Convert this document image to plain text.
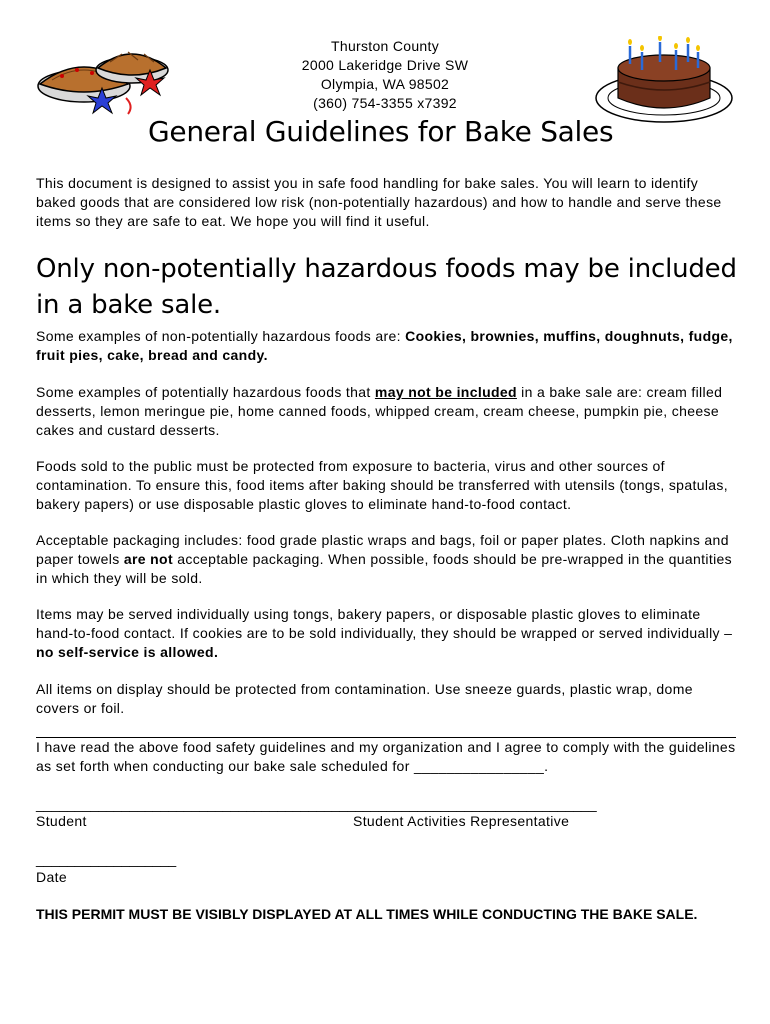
Thurston County
2000 Lakeridge Drive SW
Olympia, WA 98502
(360) 754-3355 x7392
General Guidelines for Bake Sales
This document is designed to assist you in safe food handling for bake sales. You will learn to identify baked goods that are considered low risk (non-potentially hazardous) and how to handle and serve these items so they are safe to eat. We hope you will find it useful.
Only non-potentially hazardous foods may be included in a bake sale.
Some examples of non-potentially hazardous foods are: Cookies, brownies, muffins, doughnuts, fudge, fruit pies, cake, bread and candy.
Some examples of potentially hazardous foods that may not be included in a bake sale are: cream filled desserts, lemon meringue pie, home canned foods, whipped cream, cream cheese, pumpkin pie, cheese cakes and custard desserts.
Foods sold to the public must be protected from exposure to bacteria, virus and other sources of contamination. To ensure this, food items after baking should be transferred with utensils (tongs, spatulas, bakery papers) or use disposable plastic gloves to eliminate hand-to-food contact.
Acceptable packaging includes: food grade plastic wraps and bags, foil or paper plates. Cloth napkins and paper towels are not acceptable packaging. When possible, foods should be pre-wrapped in the quantities in which they will be sold.
Items may be served individually using tongs, bakery papers, or disposable plastic gloves to eliminate hand-to-food contact. If cookies are to be sold individually, they should be wrapped or served individually – no self-service is allowed.
All items on display should be protected from contamination. Use sneeze guards, plastic wrap, dome covers or foil.
I have read the above food safety guidelines and my organization and I agree to comply with the guidelines as set forth when conducting our bake sale scheduled for ________________.
________________________________________________________________________
Student	Student Activities Representative
__________________
Date
THIS PERMIT MUST BE VISIBLY DISPLAYED AT ALL TIMES WHILE CONDUCTING THE BAKE SALE.
